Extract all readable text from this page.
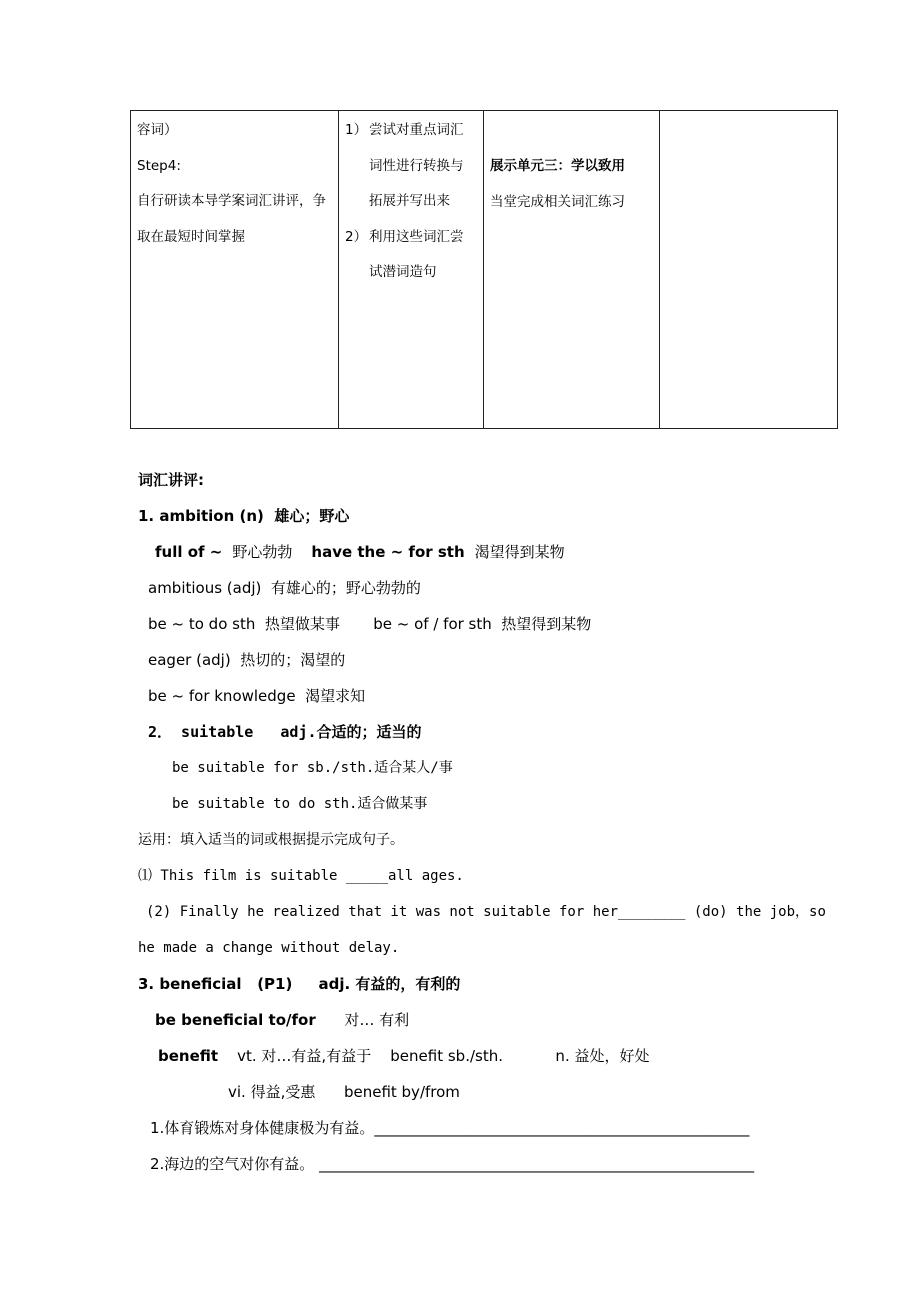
容词）
Step4:
自行研读本导学案词汇讲评，争
取在最短时间掌握

1） 尝试对重点词汇
词性进行转换与
拓展并写出来
2） 利用这些词汇尝
试潜词造句

展示单元三：学以致用
当堂完成相关词汇练习

词汇讲评:
1. ambition (n)  雄心；野心
full of ~  野心勃勃    have the ~ for sth  渴望得到某物
ambitious (adj)  有雄心的；野心勃勃的
be ~ to do sth  热望做某事       be ~ of / for sth  热望得到某物
eager (adj)  热切的；渴望的
be ~ for knowledge  渴望求知
2． suitable   adj.合适的；适当的
be suitable for sb./sth.适合某人/事
be suitable to do sth.适合做某事
运用：填入适当的词或根据提示完成句子。
⑴ This film is suitable _____all ages.
(2) Finally he realized that it was not suitable for her________ (do) the job，so
he made a change without delay.
3. beneficial   (P1)     adj. 有益的，有利的
be beneficial to/for      对… 有利
benefit    vt. 对…有益,有益于    benefit sb./sth.           n. 益处，好处
vi. 得益,受惠      benefit by/from
1.体育锻炼对身体健康极为有益。__________________________________________________
2.海边的空气对你有益。 __________________________________________________________
